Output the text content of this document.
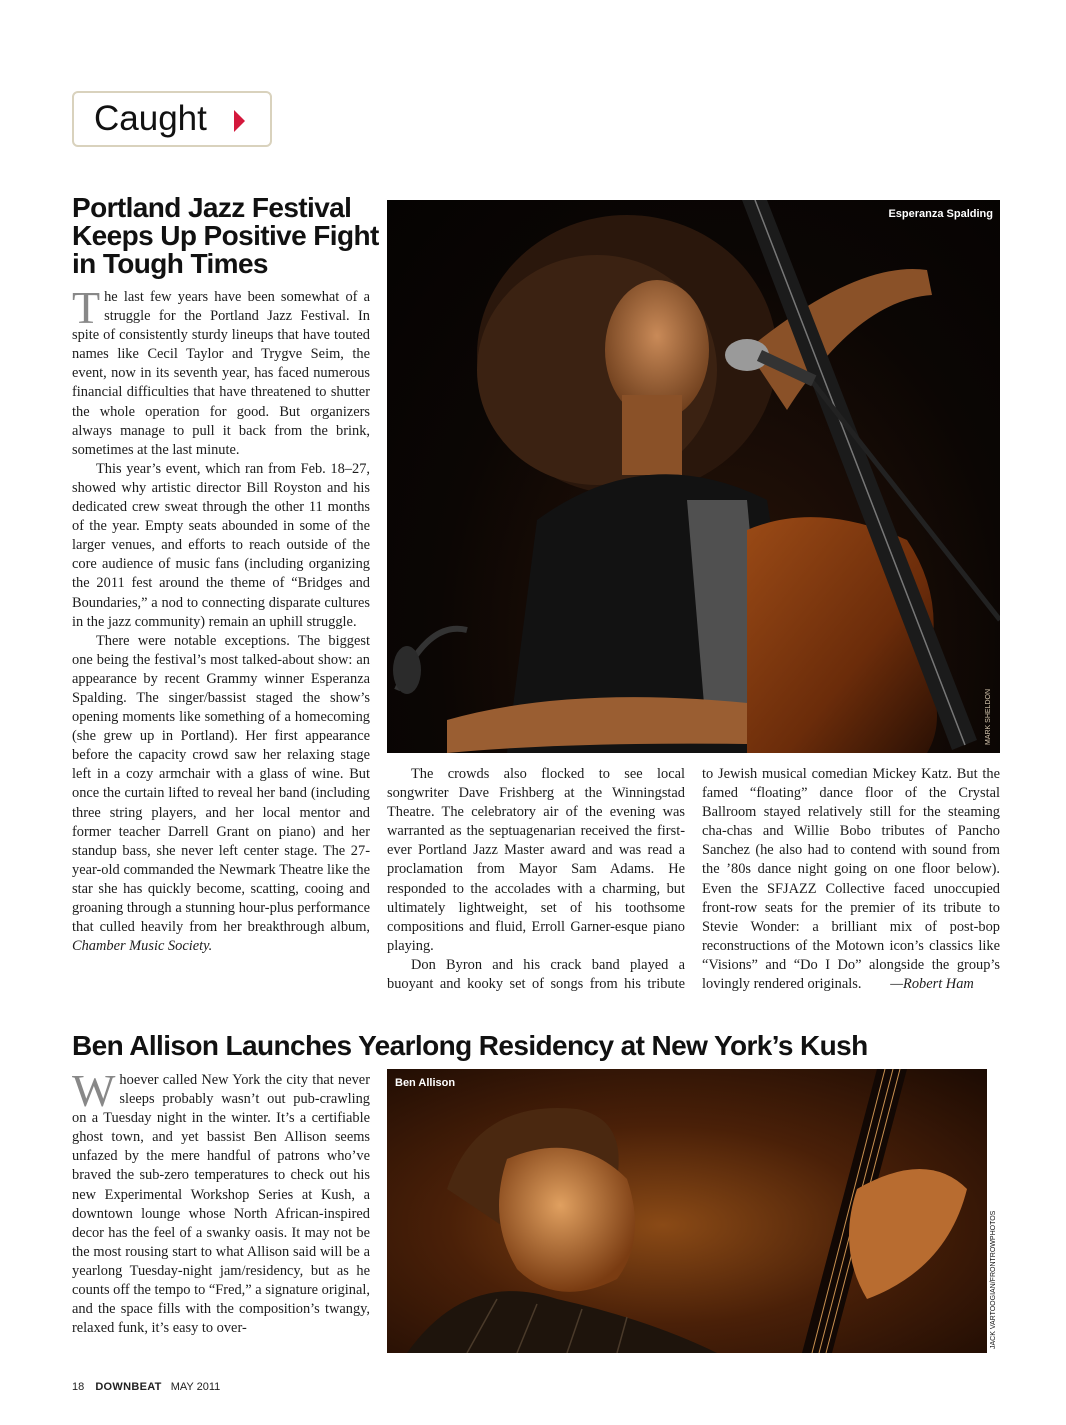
Caught
Portland Jazz Festival Keeps Up Positive Fight in Tough Times

The last few years have been somewhat of a struggle for the Portland Jazz Festival. In spite of consistently sturdy lineups that have touted names like Cecil Taylor and Trygve Seim, the event, now in its seventh year, has faced numerous financial difficulties that have threatened to shutter the whole operation for good. But organizers always manage to pull it back from the brink, sometimes at the last minute.

This year’s event, which ran from Feb. 18–27, showed why artistic director Bill Royston and his dedicated crew sweat through the other 11 months of the year. Empty seats abounded in some of the larger venues, and efforts to reach outside of the core audience of music fans (including organizing the 2011 fest around the theme of “Bridges and Boundaries,” a nod to connecting disparate cultures in the jazz community) remain an uphill struggle.

There were notable exceptions. The biggest one being the festival’s most talked-about show: an appearance by recent Grammy winner Esperanza Spalding. The singer/bassist staged the show’s opening moments like something of a homecoming (she grew up in Portland). Her first appearance before the capacity crowd saw her relaxing stage left in a cozy armchair with a glass of wine. But once the curtain lifted to reveal her band (including three string players, and her local mentor and former teacher Darrell Grant on piano) and her standup bass, she never left center stage. The 27-year-old commanded the Newmark Theatre like the star she has quickly become, scatting, cooing and groaning through a stunning hour-plus performance that culled heavily from her breakthrough album, Chamber Music Society.

Esperanza Spalding
MARK SHELDON

The crowds also flocked to see local songwriter Dave Frishberg at the Winningstad Theatre. The celebratory air of the evening was warranted as the septuagenarian received the first-ever Portland Jazz Master award and was read a proclamation from Mayor Sam Adams. He responded to the accolades with a charming, but ultimately lightweight, set of his toothsome compositions and fluid, Erroll Garner-esque piano playing.

Don Byron and his crack band played a buoyant and kooky set of songs from his tribute

to Jewish musical comedian Mickey Katz. But the famed “floating” dance floor of the Crystal Ballroom stayed relatively still for the steaming cha-chas and Willie Bobo tributes of Pancho Sanchez (he also had to contend with sound from the ’80s dance night going on one floor below). Even the SFJAZZ Collective faced unoccupied front-row seats for the premier of its tribute to Stevie Wonder: a brilliant mix of post-bop reconstructions of the Motown icon’s classics like “Visions” and “Do I Do” alongside the group’s lovingly rendered originals. —Robert Ham

Ben Allison Launches Yearlong Residency at New York’s Kush

Whoever called New York the city that never sleeps probably wasn’t out pub-crawling on a Tuesday night in the winter. It’s a certifiable ghost town, and yet bassist Ben Allison seems unfazed by the mere handful of patrons who’ve braved the sub-zero temperatures to check out his new Experimental Workshop Series at Kush, a downtown lounge whose North African-inspired decor has the feel of a swanky oasis. It may not be the most rousing start to what Allison said will be a yearlong Tuesday-night jam/residency, but as he counts off the tempo to “Fred,” a signature original, and the space fills with the composition’s twangy, relaxed funk, it’s easy to over-

Ben Allison
JACK VARTOOGIAN/FRONTROWPHOTOS
18 DOWNBEAT MAY 2011
